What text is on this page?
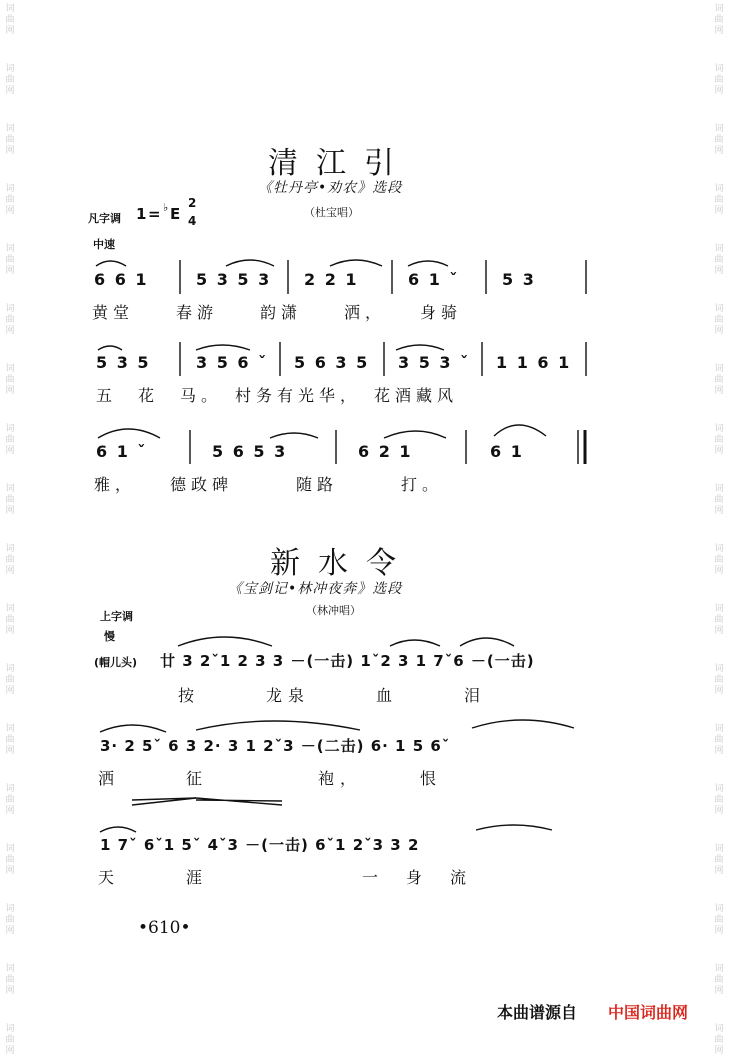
词
曲
网
词
曲
网
词
曲
网
词
曲
网
词
曲
网
词
曲
网
词
曲
网
词
曲
网
词
曲
网
词
曲
网
词
曲
网
词
曲
网
词
曲
网
词
曲
网
词
曲
网
词
曲
网
词
曲
网
词
曲
网
词
曲
网
词
曲
网
词
曲
网
词
曲
网
词
曲
网
词
曲
网
词
曲
网
词
曲
网
词
曲
网
词
曲
网
词
曲
网
词
曲
网
词
曲
网
词
曲
网
词
曲
网
词
曲
网
词
曲
网
词
曲
网
清江引
《牡丹亭•劝农》选段
（杜宝唱）
凡字调 1 = ♭ E
2
4
中速
6 6 1	5 3 5 3 2 2 1	6 1 ˇ	5 3
黄堂　　春游　　韵潇　　洒，　　身骑
5 3 5	3 5 6 ˇ 5 6 3 5 3 5 3 ˇ 1 1 6 1
五　花　马。　村务有光华，　花酒藏风
6 1 ˇ	5 6 5 3	6 2 1	6 1
雅，　　德政碑　　　随路　　　打。
新水令
《宝剑记•林冲夜奔》选段
（林冲唱）
上字调
慢
(帽儿头) 廿 3 2ˇ1 2 3 3 －(一击) 1ˇ2 3 1 7ˇ6 －(一击)
按　　　龙泉　　　血　　　泪
3· 2 5ˇ 6 3 2· 3 1 2ˇ3 －(二击) 6· 1 5 6ˇ
洒　　　征　　　　　袍，　　　恨
1 7ˇ 6ˇ1 5ˇ 4ˇ3 －(一击) 6ˇ1 2ˇ3 3 2
天　　　涯　　　　　　　一　身　流
•610•
本曲谱源自 中国词曲网
